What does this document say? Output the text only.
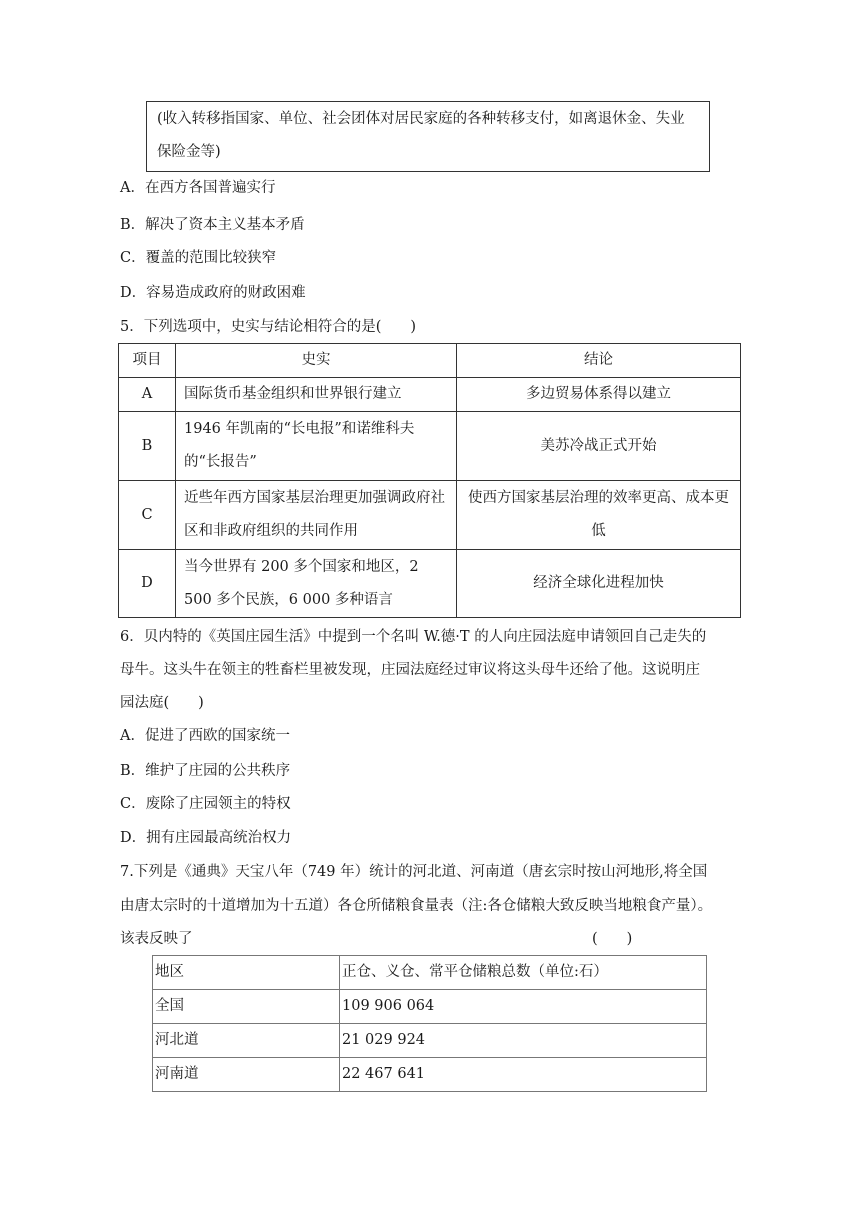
(收入转移指国家、单位、社会团体对居民家庭的各种转移支付，如离退休金、失业保险金等)
A．在西方各国普遍实行
B．解决了资本主义基本矛盾
C．覆盖的范围比较狭窄
D．容易造成政府的财政困难
5．下列选项中，史实与结论相符合的是(　　)
项目	史实	结论
A	国际货币基金组织和世界银行建立	多边贸易体系得以建立
B	1946 年凯南的“长电报”和诺维科夫的“长报告”	美苏冷战正式开始
C	近些年西方国家基层治理更加强调政府社区和非政府组织的共同作用	使西方国家基层治理的效率更高、成本更低
D	当今世界有 200 多个国家和地区，2 500 多个民族，6 000 多种语言	经济全球化进程加快
6．贝内特的《英国庄园生活》中提到一个名叫 W.德·T 的人向庄园法庭申请领回自己走失的
母牛。这头牛在领主的牲畜栏里被发现，庄园法庭经过审议将这头母牛还给了他。这说明庄
园法庭(　　)
A．促进了西欧的国家统一
B．维护了庄园的公共秩序
C．废除了庄园领主的特权
D．拥有庄园最高统治权力
7.下列是《通典》天宝八年（749 年）统计的河北道、河南道（唐玄宗时按山河地形,将全国
由唐太宗时的十道增加为十五道）各仓所储粮食量表（注:各仓储粮大致反映当地粮食产量）。
该表反映了	(　　)
地区	正仓、义仓、常平仓储粮总数（单位:石）
全国	109 906 064
河北道	21 029 924
河南道	22 467 641
